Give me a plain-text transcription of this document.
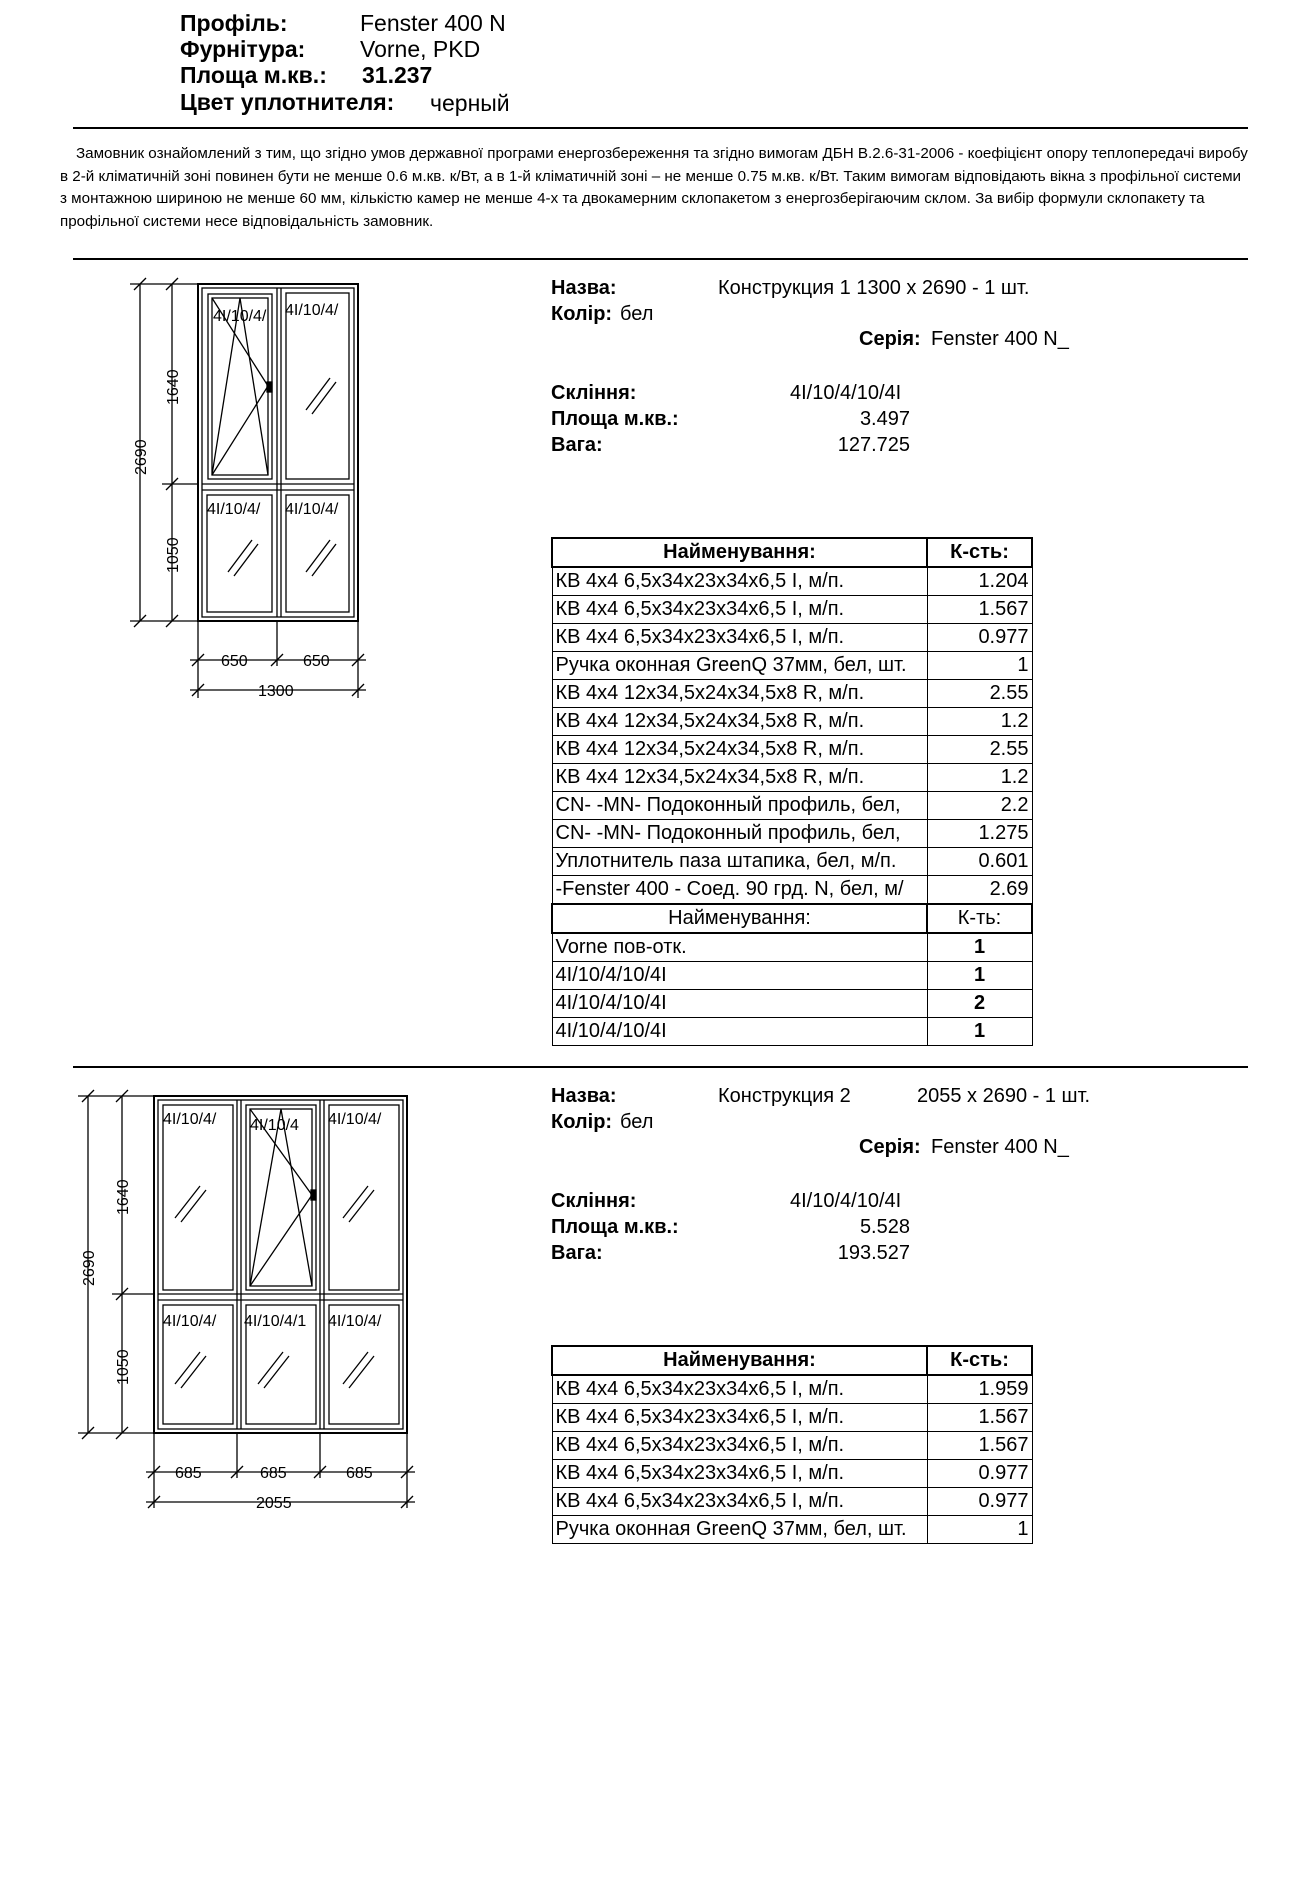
Профіль:	Fenster 400 N
Фурнітура: Vorne, PKD
Площа м.кв.: 31.237
Цвет уплотнителя: черный

Замовник ознайомлений з тим, що згідно умов державної програми енергозбереження та згідно вимогам ДБН В.2.6-31-2006 - коефіцієнт опору теплопередачі виробу в 2-й кліматичній зоні повинен бути не менше 0.6 м.кв. к/Вт, а в 1-й кліматичній зоні – не менше 0.75 м.кв. к/Вт. Таким вимогам відповідають вікна з профільної системи з монтажною шириною не менше 60 мм, кількістю камер не менше 4-х та двокамерним склопакетом з енергозберігаючим склом. За вибір формули склопакету та профільної системи несе відповідальність замовник.

4I/10/4/ 4I/10/4/
4I/10/4/ 4I/10/4/
2690
1640
1050
650	650
1300
Назва:	Конструкция 1 1300 x 2690 - 1 шт.
Колір: бел
Серія: Fenster 400 N_
Скління:	4I/10/4/10/4I
Площа м.кв.:	3.497
Вага:	127.725
Найменування:	К-сть:
КВ 4х4 6,5х34х23х34х6,5 I, м/п.	1.204
КВ 4х4 6,5х34х23х34х6,5 I, м/п.	1.567
КВ 4х4 6,5х34х23х34х6,5 I, м/п.	0.977
Ручка оконная GreenQ 37мм, бел, шт.	1
КВ 4х4 12х34,5х24х34,5х8 R, м/п.	2.55
КВ 4х4 12х34,5х24х34,5х8 R, м/п.	1.2
КВ 4х4 12х34,5х24х34,5х8 R, м/п.	2.55
КВ 4х4 12х34,5х24х34,5х8 R, м/п.	1.2
CN- -MN- Подоконный профиль, бел,	2.2
CN- -MN- Подоконный профиль, бел,	1.275
Уплотнитель паза штапика, бел, м/п.	0.601
-Fenster 400 - Соед. 90 грд. N, бел, м/	2.69
Найменування:	К-ть:
Vorne пов-отк.	1
4I/10/4/10/4I	1
4I/10/4/10/4I	2
4I/10/4/10/4I	1
4I/10/4/ 4I/10/4 4I/10/4/
4I/10/4/ 4I/10/4/1 4I/10/4/
2690
1640
1050
685	685	685
2055
Назва:	Конструкция 2	2055 x 2690 - 1 шт.
Колір: бел
Серія: Fenster 400 N_
Скління:	4I/10/4/10/4I
Площа м.кв.:	5.528
Вага:	193.527
Найменування:	К-сть:
КВ 4х4 6,5х34х23х34х6,5 I, м/п.	1.959
КВ 4х4 6,5х34х23х34х6,5 I, м/п.	1.567
КВ 4х4 6,5х34х23х34х6,5 I, м/п.	1.567
КВ 4х4 6,5х34х23х34х6,5 I, м/п.	0.977
КВ 4х4 6,5х34х23х34х6,5 I, м/п.	0.977
Ручка оконная GreenQ 37мм, бел, шт.	1
